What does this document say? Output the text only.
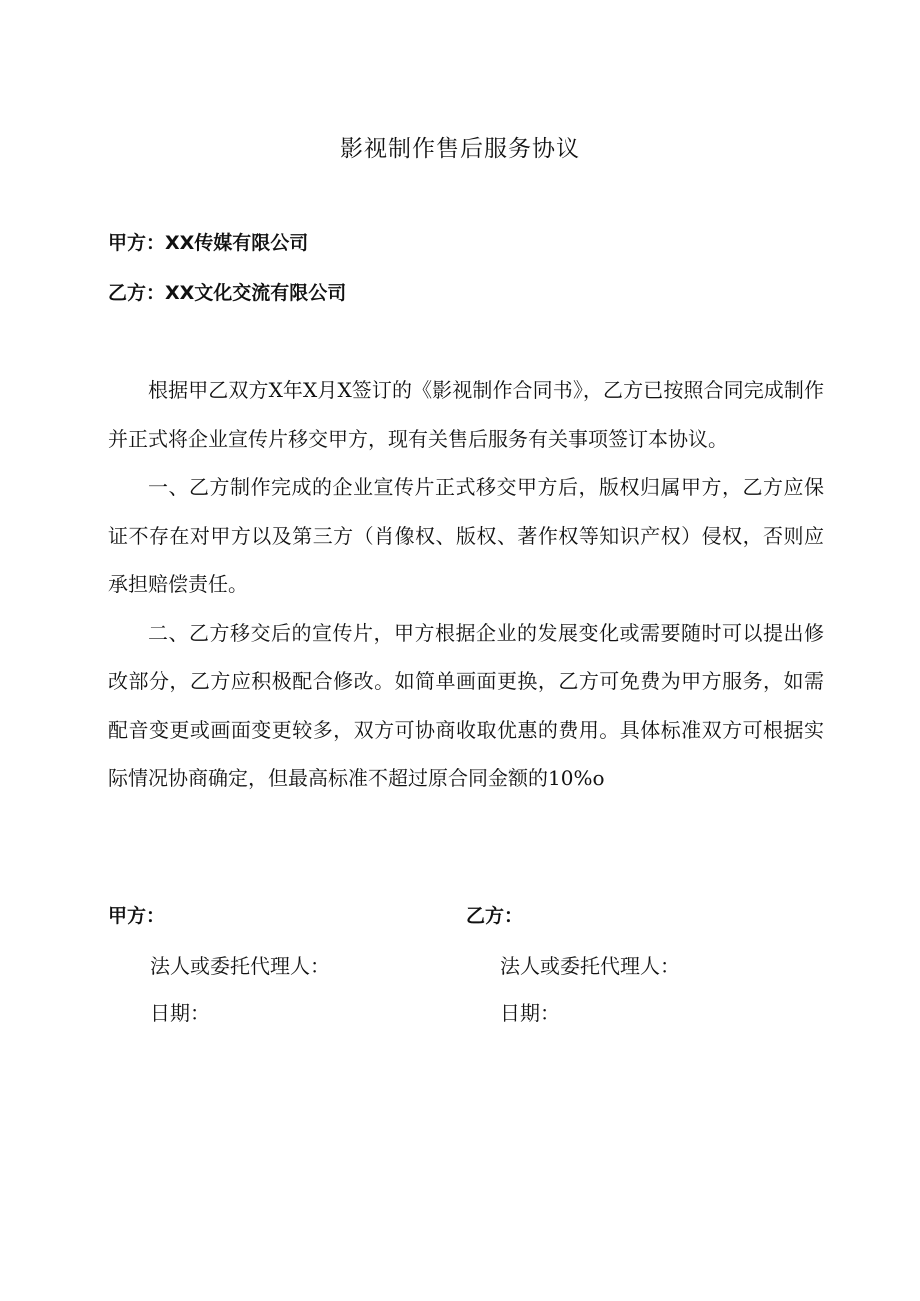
影视制作售后服务协议
甲方：XX传媒有限公司
乙方：XX文化交流有限公司

根据甲乙双方X年X月X签订的《影视制作合同书》，乙方已按照合同完成制作并正式将企业宣传片移交甲方，现有关售后服务有关事项签订本协议。

一、乙方制作完成的企业宣传片正式移交甲方后，版权归属甲方，乙方应保证不存在对甲方以及第三方（肖像权、版权、著作权等知识产权）侵权，否则应承担赔偿责任。

二、乙方移交后的宣传片，甲方根据企业的发展变化或需要随时可以提出修改部分，乙方应积极配合修改。如简单画面更换，乙方可免费为甲方服务，如需配音变更或画面变更较多，双方可协商收取优惠的费用。具体标准双方可根据实际情况协商确定，但最高标准不超过原合同金额的10%o

甲方：	乙方：
法人或委托代理人：	法人或委托代理人：
日期：	日期：
